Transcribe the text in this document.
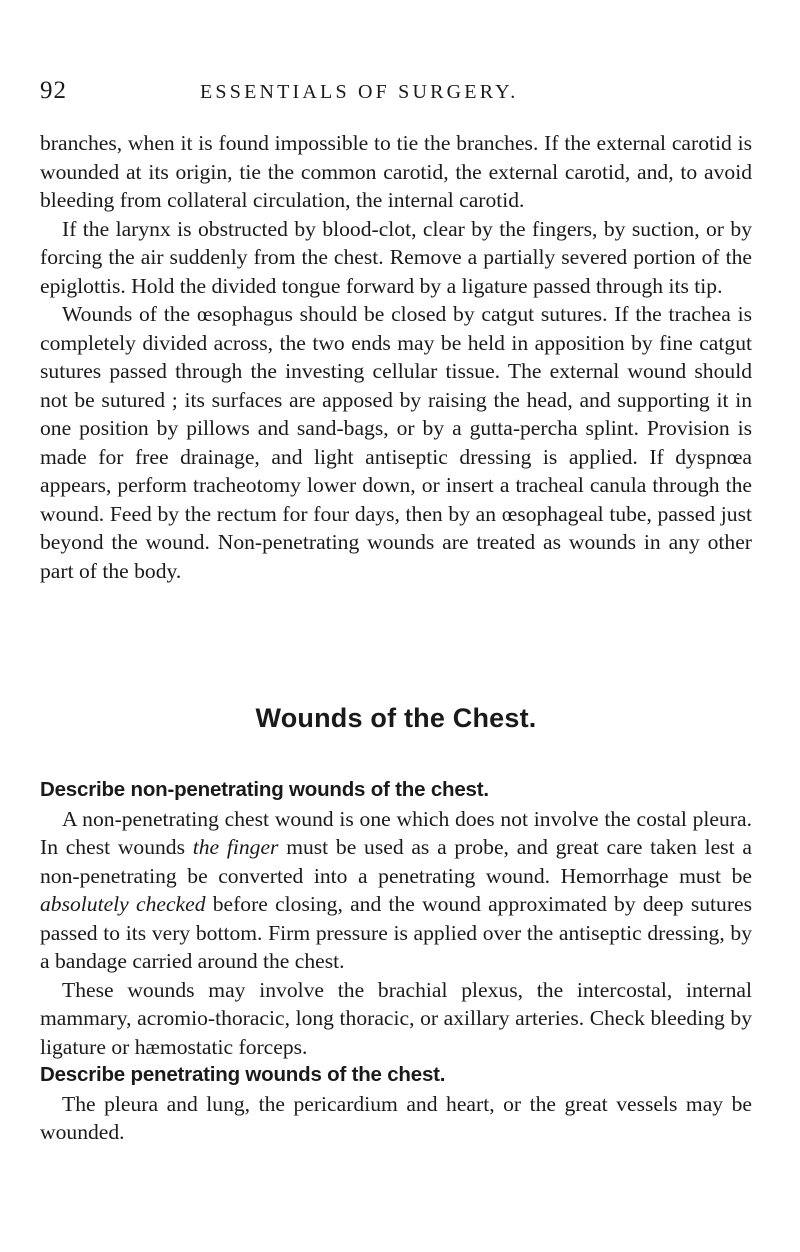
92	ESSENTIALS OF SURGERY.

branches, when it is found impossible to tie the branches. If the external carotid is wounded at its origin, tie the common carotid, the external carotid, and, to avoid bleeding from collateral circulation, the internal carotid.

If the larynx is obstructed by blood-clot, clear by the fingers, by suction, or by forcing the air suddenly from the chest. Remove a partially severed portion of the epiglottis. Hold the divided tongue forward by a ligature passed through its tip.

Wounds of the œsophagus should be closed by catgut sutures. If the trachea is completely divided across, the two ends may be held in apposition by fine catgut sutures passed through the investing cellular tissue. The external wound should not be sutured ; its surfaces are apposed by raising the head, and supporting it in one position by pillows and sand-bags, or by a gutta-percha splint. Provision is made for free drainage, and light antiseptic dressing is applied. If dyspnœa appears, perform tracheotomy lower down, or insert a tracheal canula through the wound. Feed by the rectum for four days, then by an œsophageal tube, passed just beyond the wound. Non-penetrating wounds are treated as wounds in any other part of the body.

Wounds of the Chest.

Describe non-penetrating wounds of the chest.

A non-penetrating chest wound is one which does not involve the costal pleura. In chest wounds the finger must be used as a probe, and great care taken lest a non-penetrating be converted into a penetrating wound. Hemorrhage must be absolutely checked before closing, and the wound approximated by deep sutures passed to its very bottom. Firm pressure is applied over the antiseptic dressing, by a bandage carried around the chest.

These wounds may involve the brachial plexus, the intercostal, internal mammary, acromio-thoracic, long thoracic, or axillary arteries. Check bleeding by ligature or hæmostatic forceps.

Describe penetrating wounds of the chest.

The pleura and lung, the pericardium and heart, or the great vessels may be wounded.
